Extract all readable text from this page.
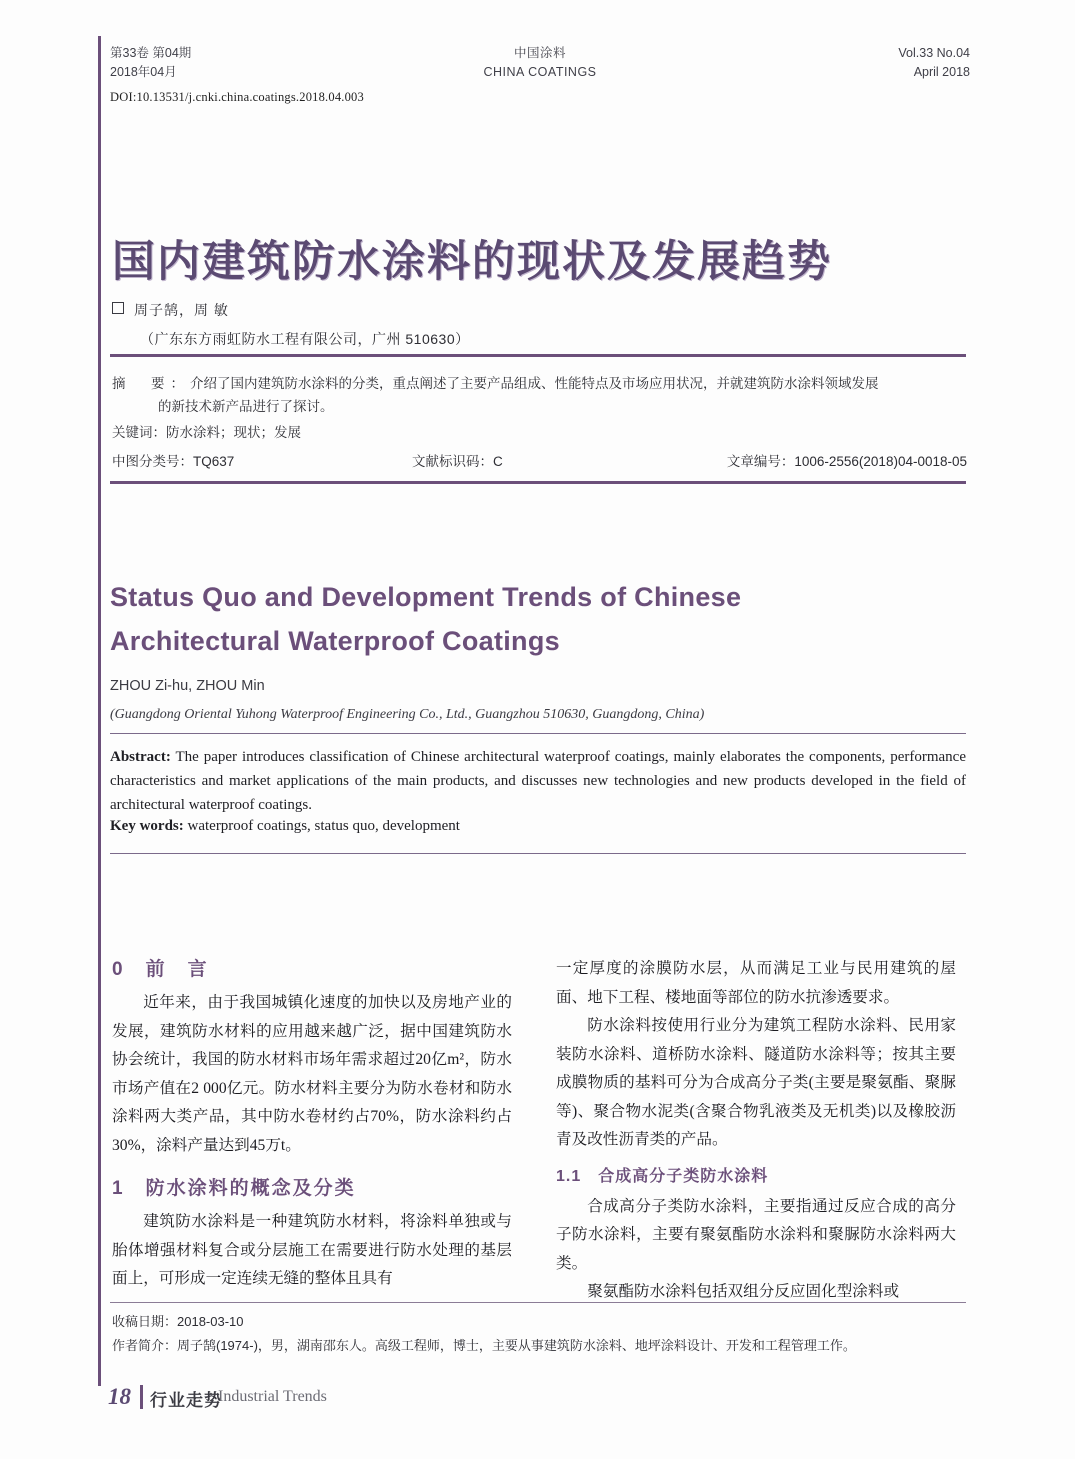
第33卷 第04期
2018年04月
中国涂料
CHINA COATINGS
Vol.33 No.04
April 2018
DOI:10.13531/j.cnki.china.coatings.2018.04.003
国内建筑防水涂料的现状及发展趋势
周子鹄，周 敏
（广东东方雨虹防水工程有限公司，广州 510630）
摘　要：介绍了国内建筑防水涂料的分类，重点阐述了主要产品组成、性能特点及市场应用状况，并就建筑防水涂料领域发展
的新技术新产品进行了探讨。
关键词：防水涂料；现状；发展
中图分类号：TQ637	文献标识码：C	文章编号：1006-2556(2018)04-0018-05
Status Quo and Development Trends of Chinese
Architectural Waterproof Coatings
ZHOU Zi-hu, ZHOU Min
(Guangdong Oriental Yuhong Waterproof Engineering Co., Ltd., Guangzhou 510630, Guangdong, China)
Abstract: The paper introduces classification of Chinese architectural waterproof coatings, mainly elaborates the components, performance characteristics and market applications of the main products, and discusses new technologies and new products developed in the field of architectural waterproof coatings.
Key words: waterproof coatings, status quo, development
0　前　言

近年来，由于我国城镇化速度的加快以及房地产业的发展，建筑防水材料的应用越来越广泛，据中国建筑防水协会统计，我国的防水材料市场年需求超过20亿m²，防水市场产值在2 000亿元。防水材料主要分为防水卷材和防水涂料两大类产品，其中防水卷材约占70%，防水涂料约占30%，涂料产量达到45万t。

1　防水涂料的概念及分类

建筑防水涂料是一种建筑防水材料，将涂料单独或与胎体增强材料复合或分层施工在需要进行防水处理的基层面上，可形成一定连续无缝的整体且具有

一定厚度的涂膜防水层，从而满足工业与民用建筑的屋面、地下工程、楼地面等部位的防水抗渗透要求。

防水涂料按使用行业分为建筑工程防水涂料、民用家装防水涂料、道桥防水涂料、隧道防水涂料等；按其主要成膜物质的基料可分为合成高分子类(主要是聚氨酯、聚脲等)、聚合物水泥类(含聚合物乳液类及无机类)以及橡胶沥青及改性沥青类的产品。

1.1　合成高分子类防水涂料

合成高分子类防水涂料，主要指通过反应合成的高分子防水涂料，主要有聚氨酯防水涂料和聚脲防水涂料两大类。

聚氨酯防水涂料包括双组分反应固化型涂料或

收稿日期：2018-03-10
作者简介：周子鹄(1974-)，男，湖南邵东人。高级工程师，博士，主要从事建筑防水涂料、地坪涂料设计、开发和工程管理工作。
18 行业走势
Industrial Trends
